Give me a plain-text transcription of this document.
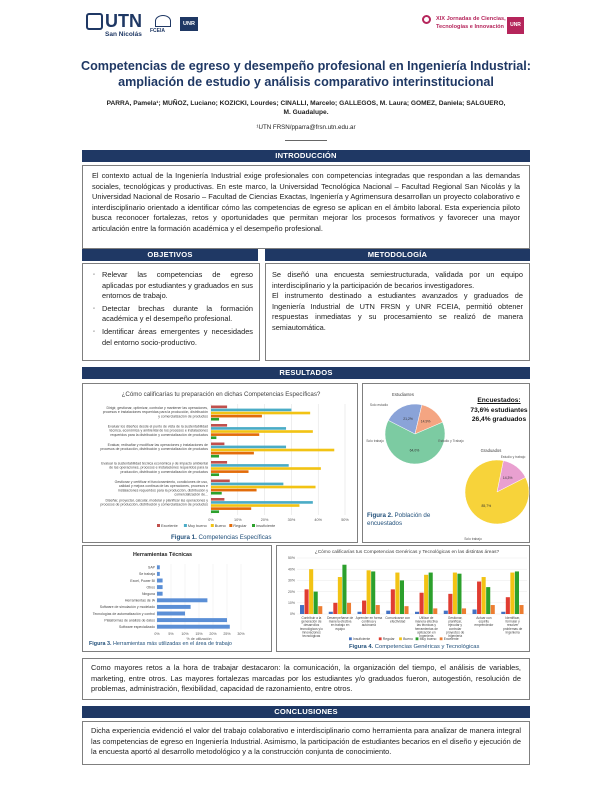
UTN
San Nicolás FCEIA
UNR
XIX Jornadas de Ciencias,
Tecnologías e Innovación	UNR
Competencias de egreso y desempeño profesional en Ingeniería Industrial:
ampliación de estudio y análisis comparativo interinstitucional
PARRA, Pamela¹; MUÑOZ, Luciano; KOZICKI, Lourdes; CINALLI, Marcelo; GALLEGOS, M. Laura; GOMEZ, Daniela; SALGUERO,
M. Guadalupe.
¹UTN FRSN/pparra@frsn.utn.edu.ar
INTRODUCCIÓN

El contexto actual de la Ingeniería Industrial exige profesionales con competencias integradas que respondan a las demandas sociales, tecnológicas y productivas. En este marco, la Universidad Tecnológica Nacional – Facultad Regional San Nicolás y la Universidad Nacional de Rosario – Facultad de Ciencias Exactas, Ingeniería y Agrimensura desarrollan un proyecto colaborativo e interdisciplinario orientado a identificar cómo las competencias de egreso se aplican en el ámbito laboral. Esta experiencia piloto busca reconocer fortalezas, retos y oportunidades que permitan mejorar los procesos formativos y favorecer una mayor articulación entre la formación académica y el desempeño profesional.

OBJETIVOS
◦ Relevar las competencias de egreso aplicadas por estudiantes y graduados en sus entornos de trabajo.
◦ Detectar brechas durante la formación académica y el desempeño profesional.
◦ Identificar áreas emergentes y necesidades del entorno socio-productivo.
METODOLOGÍA

Se diseñó una encuesta semiestructurada, validada por un equipo interdisciplinario y la participación de becarios investigadores.

El instrumento destinado a estudiantes avanzados y graduados de Ingeniería Industrial de UTN FRSN y UNR FCEIA, permitió obtener respuestas inmediatas y su procesamiento se realizó de manera semiautomática.

RESULTADOS
¿Cómo calificarías tu preparación en dichas Competencias Específicas?
0%	10%	20%	30%	40%	50%
Diseñar, proyectar, calcular, modelar y planificar las operaciones y procesos de producción, distribución y comercialización de productos
Gestionar y certificar el funcionamiento, condiciones de uso, calidad y mejora continua de las operaciones, procesos e instalaciones requeridos para la producción, distribución y comercialización de...
Evaluar la sustentabilidad técnica económica y de impacto ambiental de las operaciones, procesos e instalaciones requeridos para la producción, distribución y comercialización de productos
Evaluar, redisañar y modificar las operaciones y instalaciones de procesos de producción, distribución y comercialización de productos
Evaluar los diseños desde el punto de vista de la sustentabilidad técnica, económica y ambiental de los procesos e instalaciones requeridos para la distribución y comercialización de productos
Dirigir, gestionar, optimizar, controlar y mantener las operaciones, procesos e instalaciones requeridas para la producción, distribución y comercialización de productos
Excelente	Muy bueno Bueno Regular Insuficiente
Figura 1. Competencias Específicas
Estudiantes
21,2%
14,9%
64,0%
Solo estudio
Solo trabajo	Estudio y Trabajo
Graduados
14,3%
85,7%
Estudio y trabajo
Solo trabajo
Encuestados:
73,6% estudiantes
26,4% graduados
Figura 2. Población de encuestados
Herramientas Técnicas
0% 5% 10% 15% 20% 25% 30%
% de utilización
SAP
Se trabaja
Excel, Power BI
Otros
Ninguna
Herramientas de IA
Software de simulación y modelado
Tecnologías de automatización y control
Plataformas de análisis de datos
Software especializado
Figura 3. Herramientas más utilizadas en el área de trabajo
¿Cómo calificarías tus Competencias Genéricas y Tecnológicas en las distintas áreas?
0%
10%
20%
30%
40%
50%
Contribuir a la generación de desarrollos tecnológicos y/o innovaciones tecnológicas
Desempeñarse de manera efectiva en trabajo en equipo
Aprender en forma continua y autónoma
Comunicarse con efectividad
Utilizar de manera efectiva las técnicas y herramientas de aplicación en Ingeniería
Gestionar, planificar, ejecutar y controlar proyectos de Ingeniería
Actuar con espíritu emprendedor
Identificar, formular y resolver problemas de Ingeniería
Insuficiente	Regular Bueno Muy bueno Excelente
Figura 4. Competencias Genéricas y Tecnológicas

Como mayores retos a la hora de trabajar destacaron: la comunicación, la organización del tiempo, el análisis de variables, marketing, entre otros. Las mayores fortalezas marcadas por los estudiantes y/o graduados fueron, autogestión, resolución de problemas, administración, flexibilidad, capacidad de razonamiento, entre otros.

CONCLUSIONES

Dicha experiencia evidenció el valor del trabajo colaborativo e interdisciplinario como herramienta para analizar de manera integral las competencias de egreso en Ingeniería Industrial. Asimismo, la participación de estudiantes becarios en el diseño y ejecución de la encuesta aportó al desarrollo metodológico y a la construcción conjunta de conocimiento.
